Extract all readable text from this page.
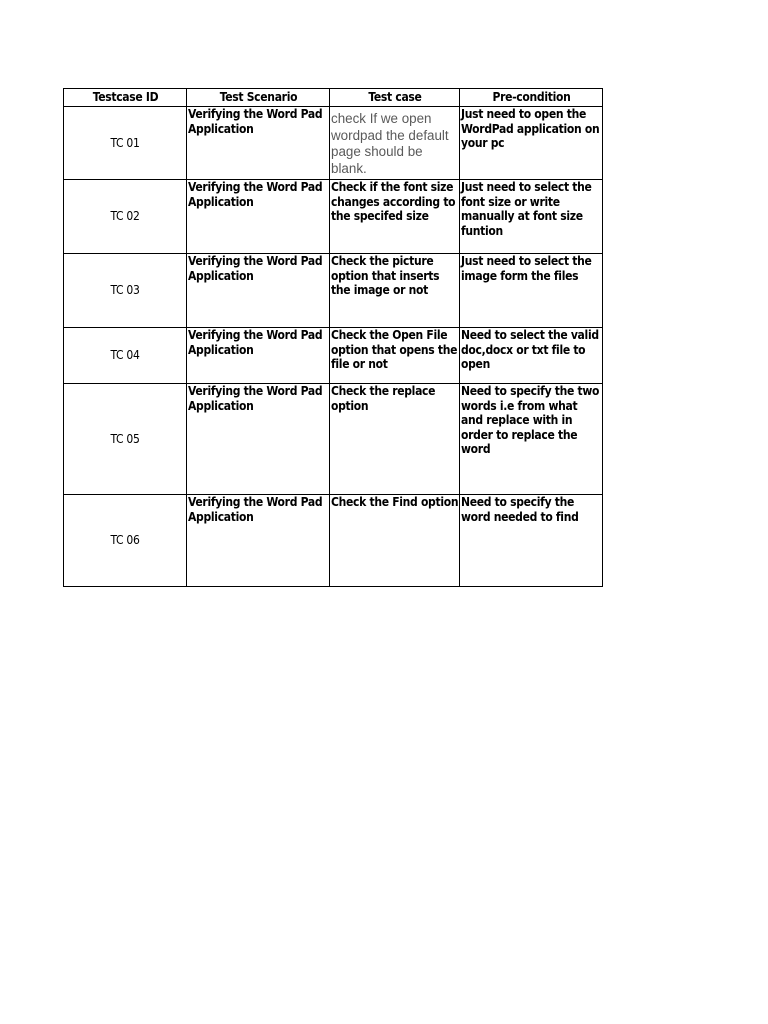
Testcase ID	Test Scenario	Test case	Pre-condition
TC 01	Verifying the Word Pad Application	check If we open wordpad the default page should be blank.	Just need to open the WordPad application on your pc
TC 02	Verifying the Word Pad Application	Check if the font size changes according to the specifed size	Just need to select the font size or write manually at font size funtion
TC 03	Verifying the Word Pad Application	Check the picture option that inserts the image or not	Just need to select the image form the files
TC 04	Verifying the Word Pad Application	Check the Open File option that opens the file or not	Need to select the valid doc,docx or txt file to open
TC 05	Verifying the Word Pad Application	Check the replace option	Need to specify the two words i.e from what and replace with in order to replace the word
TC 06	Verifying the Word Pad Application	Check the Find option	Need to specify the word needed to find
